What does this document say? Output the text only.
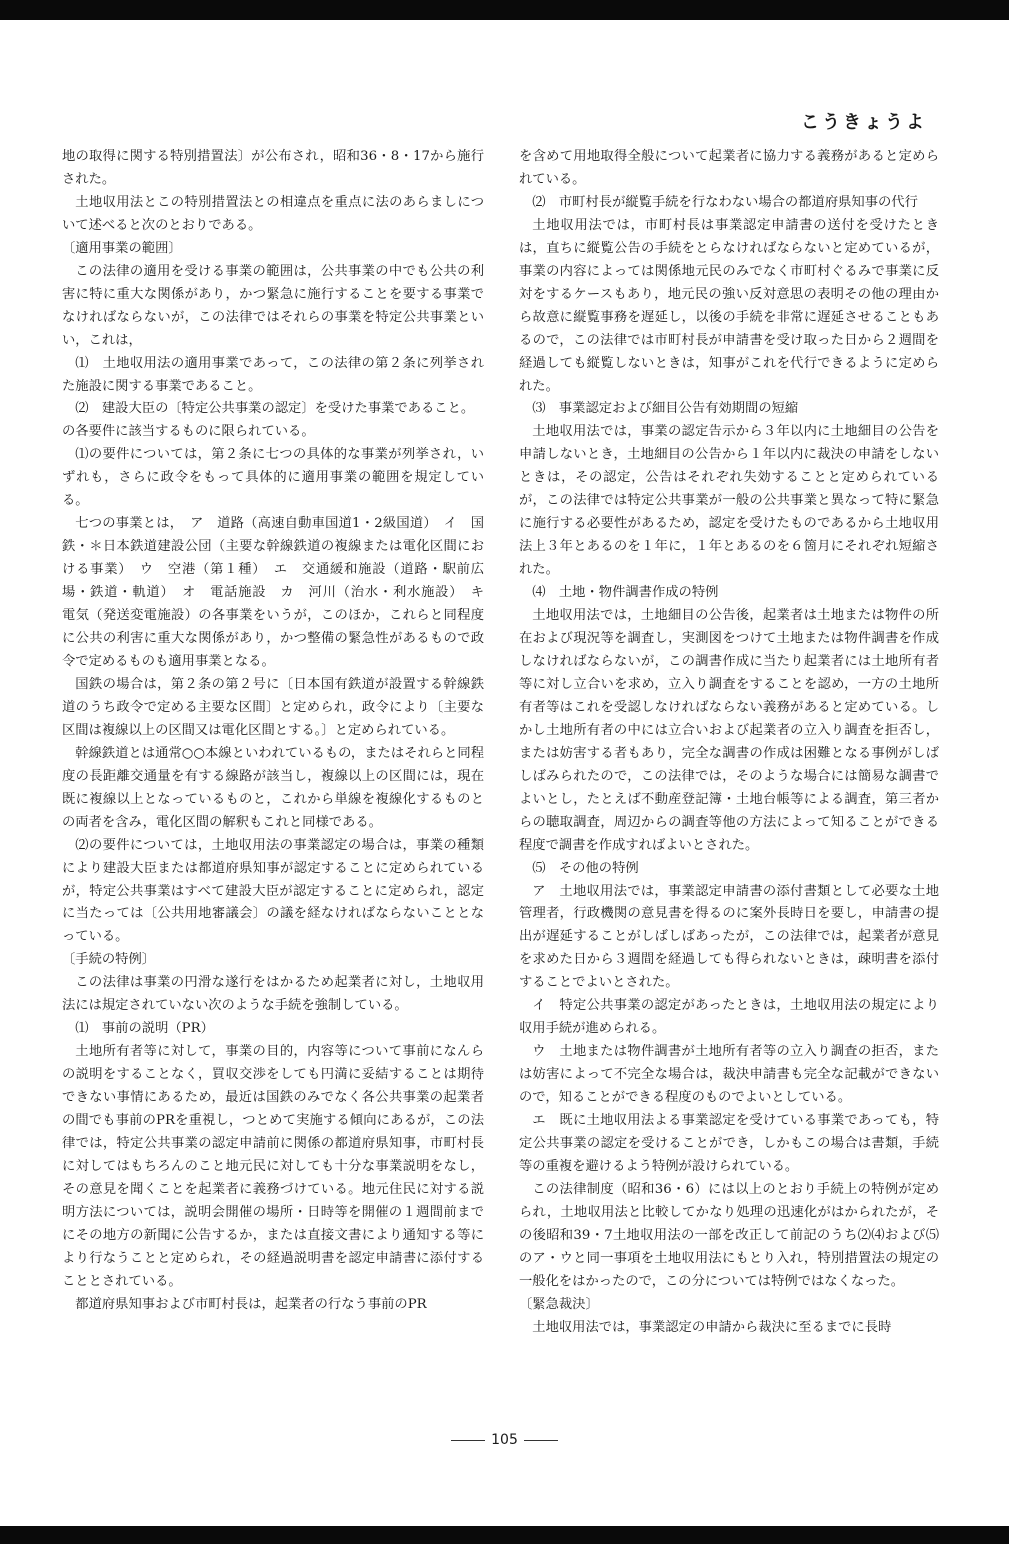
こうきょうよ

地の取得に関する特別措置法〕が公布され，昭和36・8・17から施行された。

土地収用法とこの特別措置法との相違点を重点に法のあらましについて述べると次のとおりである。

〔適用事業の範囲〕

この法律の適用を受ける事業の範囲は，公共事業の中でも公共の利害に特に重大な関係があり，かつ緊急に施行することを要する事業でなければならないが，この法律ではそれらの事業を特定公共事業といい，これは，

⑴　土地収用法の適用事業であって，この法律の第２条に列挙された施設に関する事業であること。

⑵　建設大臣の〔特定公共事業の認定〕を受けた事業であること。

の各要件に該当するものに限られている。

⑴の要件については，第２条に七つの具体的な事業が列挙され，いずれも，さらに政令をもって具体的に適用事業の範囲を規定している。

七つの事業とは，　ア　道路（高速自動車国道1・2級国道）　イ　国鉄・＊日本鉄道建設公団（主要な幹線鉄道の複線または電化区間における事業）　ウ　空港（第１種）　エ　交通緩和施設（道路・駅前広場・鉄道・軌道）　オ　電話施設　カ　河川（治水・利水施設）　キ　電気（発送変電施設）の各事業をいうが，このほか，これらと同程度に公共の利害に重大な関係があり，かつ整備の緊急性があるもので政令で定めるものも適用事業となる。

国鉄の場合は，第２条の第２号に〔日本国有鉄道が設置する幹線鉄道のうち政令で定める主要な区間〕と定められ，政令により〔主要な区間は複線以上の区間又は電化区間とする。〕と定められている。

幹線鉄道とは通常○○本線といわれているもの，またはそれらと同程度の長距離交通量を有する線路が該当し，複線以上の区間には，現在既に複線以上となっているものと，これから単線を複線化するものとの両者を含み，電化区間の解釈もこれと同様である。

⑵の要件については，土地収用法の事業認定の場合は，事業の種類により建設大臣または都道府県知事が認定することに定められているが，特定公共事業はすべて建設大臣が認定することに定められ，認定に当たっては〔公共用地審議会〕の議を経なければならないこととなっている。

〔手続の特例〕

この法律は事業の円滑な遂行をはかるため起業者に対し，土地収用法には規定されていない次のような手続を強制している。

⑴　事前の説明（PR）

土地所有者等に対して，事業の目的，内容等について事前になんらの説明をすることなく，買収交渉をしても円満に妥結することは期待できない事情にあるため，最近は国鉄のみでなく各公共事業の起業者の間でも事前のPRを重視し，つとめて実施する傾向にあるが，この法律では，特定公共事業の認定申請前に関係の都道府県知事，市町村長に対してはもちろんのこと地元民に対しても十分な事業説明をなし，その意見を聞くことを起業者に義務づけている。地元住民に対する説明方法については，説明会開催の場所・日時等を開催の１週間前までにその地方の新聞に公告するか，または直接文書により通知する等により行なうことと定められ，その経過説明書を認定申請書に添付することとされている。

都道府県知事および市町村長は，起業者の行なう事前のPR

を含めて用地取得全般について起業者に協力する義務があると定められている。

⑵　市町村長が縦覧手続を行なわない場合の都道府県知事の代行

土地収用法では，市町村長は事業認定申請書の送付を受けたときは，直ちに縦覧公告の手続をとらなければならないと定めているが，事業の内容によっては関係地元民のみでなく市町村ぐるみで事業に反対をするケースもあり，地元民の強い反対意思の表明その他の理由から故意に縦覧事務を遅延し，以後の手続を非常に遅延させることもあるので，この法律では市町村長が申請書を受け取った日から２週間を経過しても縦覧しないときは，知事がこれを代行できるように定められた。

⑶　事業認定および細目公告有効期間の短縮

土地収用法では，事業の認定告示から３年以内に土地細目の公告を申請しないとき，土地細目の公告から１年以内に裁決の申請をしないときは，その認定，公告はそれぞれ失効することと定められているが，この法律では特定公共事業が一般の公共事業と異なって特に緊急に施行する必要性があるため，認定を受けたものであるから土地収用法上３年とあるのを１年に，１年とあるのを６箇月にそれぞれ短縮された。

⑷　土地・物件調書作成の特例

土地収用法では，土地細目の公告後，起業者は土地または物件の所在および現況等を調査し，実測図をつけて土地または物件調書を作成しなければならないが，この調書作成に当たり起業者には土地所有者等に対し立合いを求め，立入り調査をすることを認め，一方の土地所有者等はこれを受認しなければならない義務があると定めている。しかし土地所有者の中には立合いおよび起業者の立入り調査を拒否し，または妨害する者もあり，完全な調書の作成は困難となる事例がしばしばみられたので，この法律では，そのような場合には簡易な調書でよいとし，たとえば不動産登記簿・土地台帳等による調査，第三者からの聴取調査，周辺からの調査等他の方法によって知ることができる程度で調書を作成すればよいとされた。

⑸　その他の特例

ア　土地収用法では，事業認定申請書の添付書類として必要な土地管理者，行政機関の意見書を得るのに案外長時日を要し，申請書の提出が遅延することがしばしばあったが，この法律では，起業者が意見を求めた日から３週間を経過しても得られないときは，疎明書を添付することでよいとされた。

イ　特定公共事業の認定があったときは，土地収用法の規定により収用手続が進められる。

ウ　土地または物件調書が土地所有者等の立入り調査の拒否，または妨害によって不完全な場合は，裁決申請書も完全な記載ができないので，知ることができる程度のものでよいとしている。

エ　既に土地収用法よる事業認定を受けている事業であっても，特定公共事業の認定を受けることができ，しかもこの場合は書類，手続等の重複を避けるよう特例が設けられている。

この法律制度（昭和36・6）には以上のとおり手続上の特例が定められ，土地収用法と比較してかなり処理の迅速化がはかられたが，その後昭和39・7土地収用法の一部を改正して前記のうち⑵⑷および⑸のア・ウと同一事項を土地収用法にもとり入れ，特別措置法の規定の一般化をはかったので，この分については特例ではなくなった。

〔緊急裁決〕

土地収用法では，事業認定の申請から裁決に至るまでに長時

105
